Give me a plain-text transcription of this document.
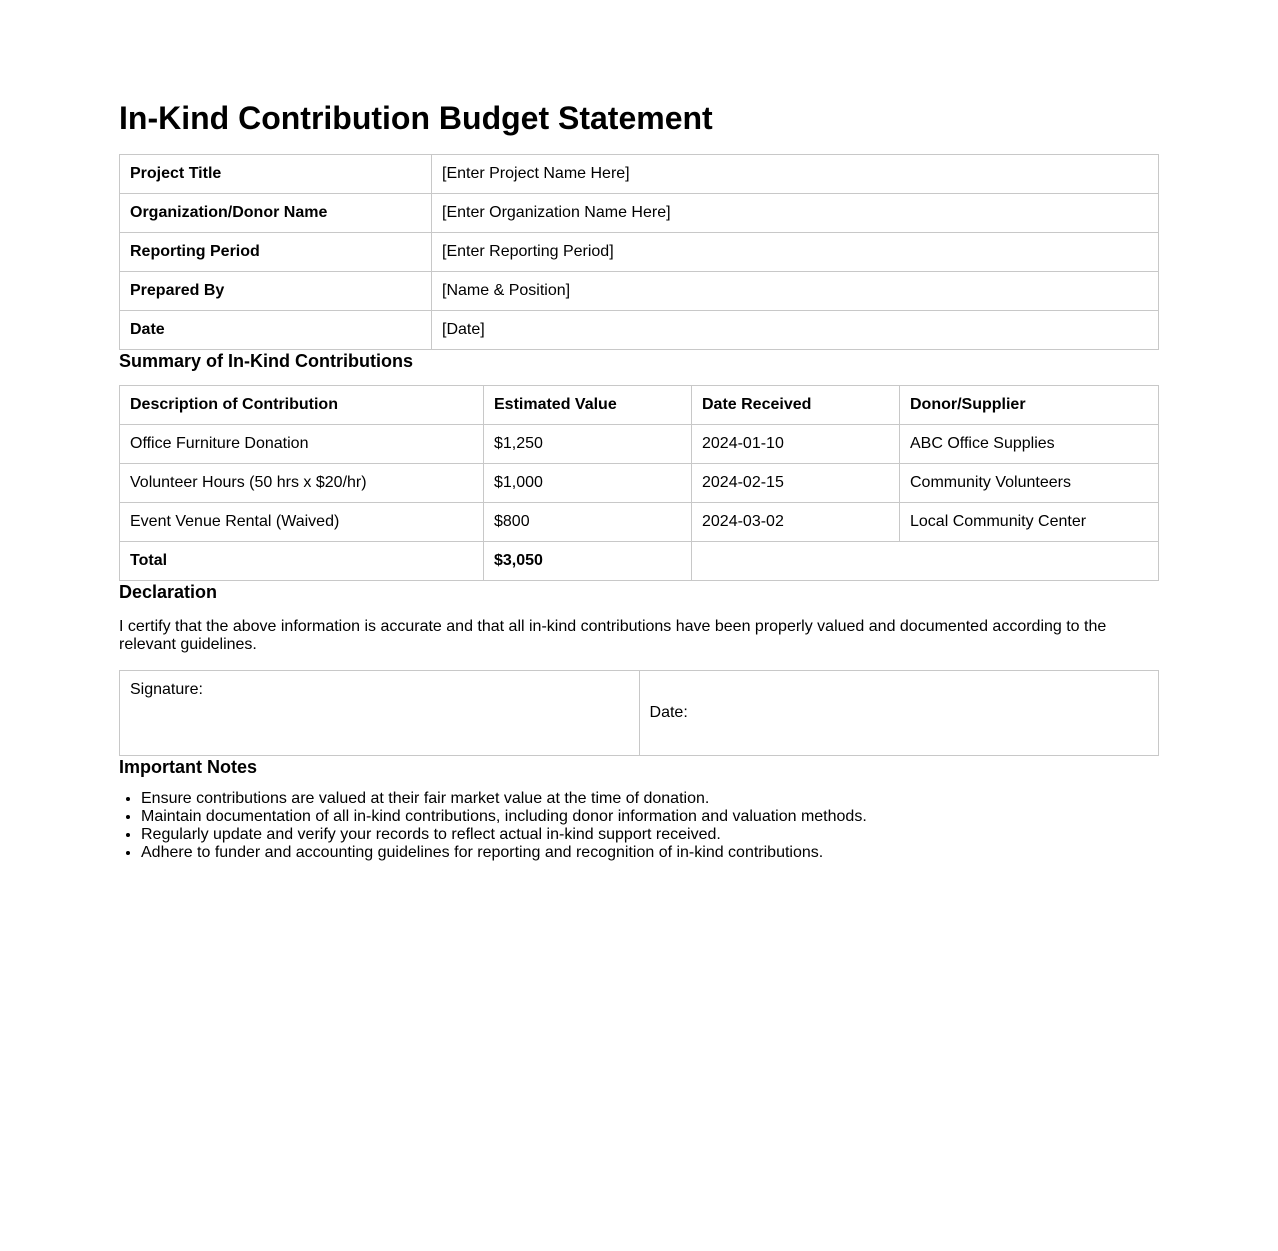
In-Kind Contribution Budget Statement
Project Title	[Enter Project Name Here]
Organization/Donor Name	[Enter Organization Name Here]
Reporting Period	[Enter Reporting Period]
Prepared By	[Name & Position]
Date	[Date]
Summary of In-Kind Contributions
Description of Contribution	Estimated Value	Date Received	Donor/Supplier
Office Furniture Donation	$1,250	2024-01-10	ABC Office Supplies
Volunteer Hours (50 hrs x $20/hr)	$1,000	2024-02-15	Community Volunteers
Event Venue Rental (Waived)	$800	2024-03-02	Local Community Center
Total	$3,050		
Declaration

I certify that the above information is accurate and that all in-kind contributions have been properly valued and documented according to the relevant guidelines.

Signature:	Date:
Important Notes
• Ensure contributions are valued at their fair market value at the time of donation.
• Maintain documentation of all in-kind contributions, including donor information and valuation methods.
• Regularly update and verify your records to reflect actual in-kind support received.
• Adhere to funder and accounting guidelines for reporting and recognition of in-kind contributions.
